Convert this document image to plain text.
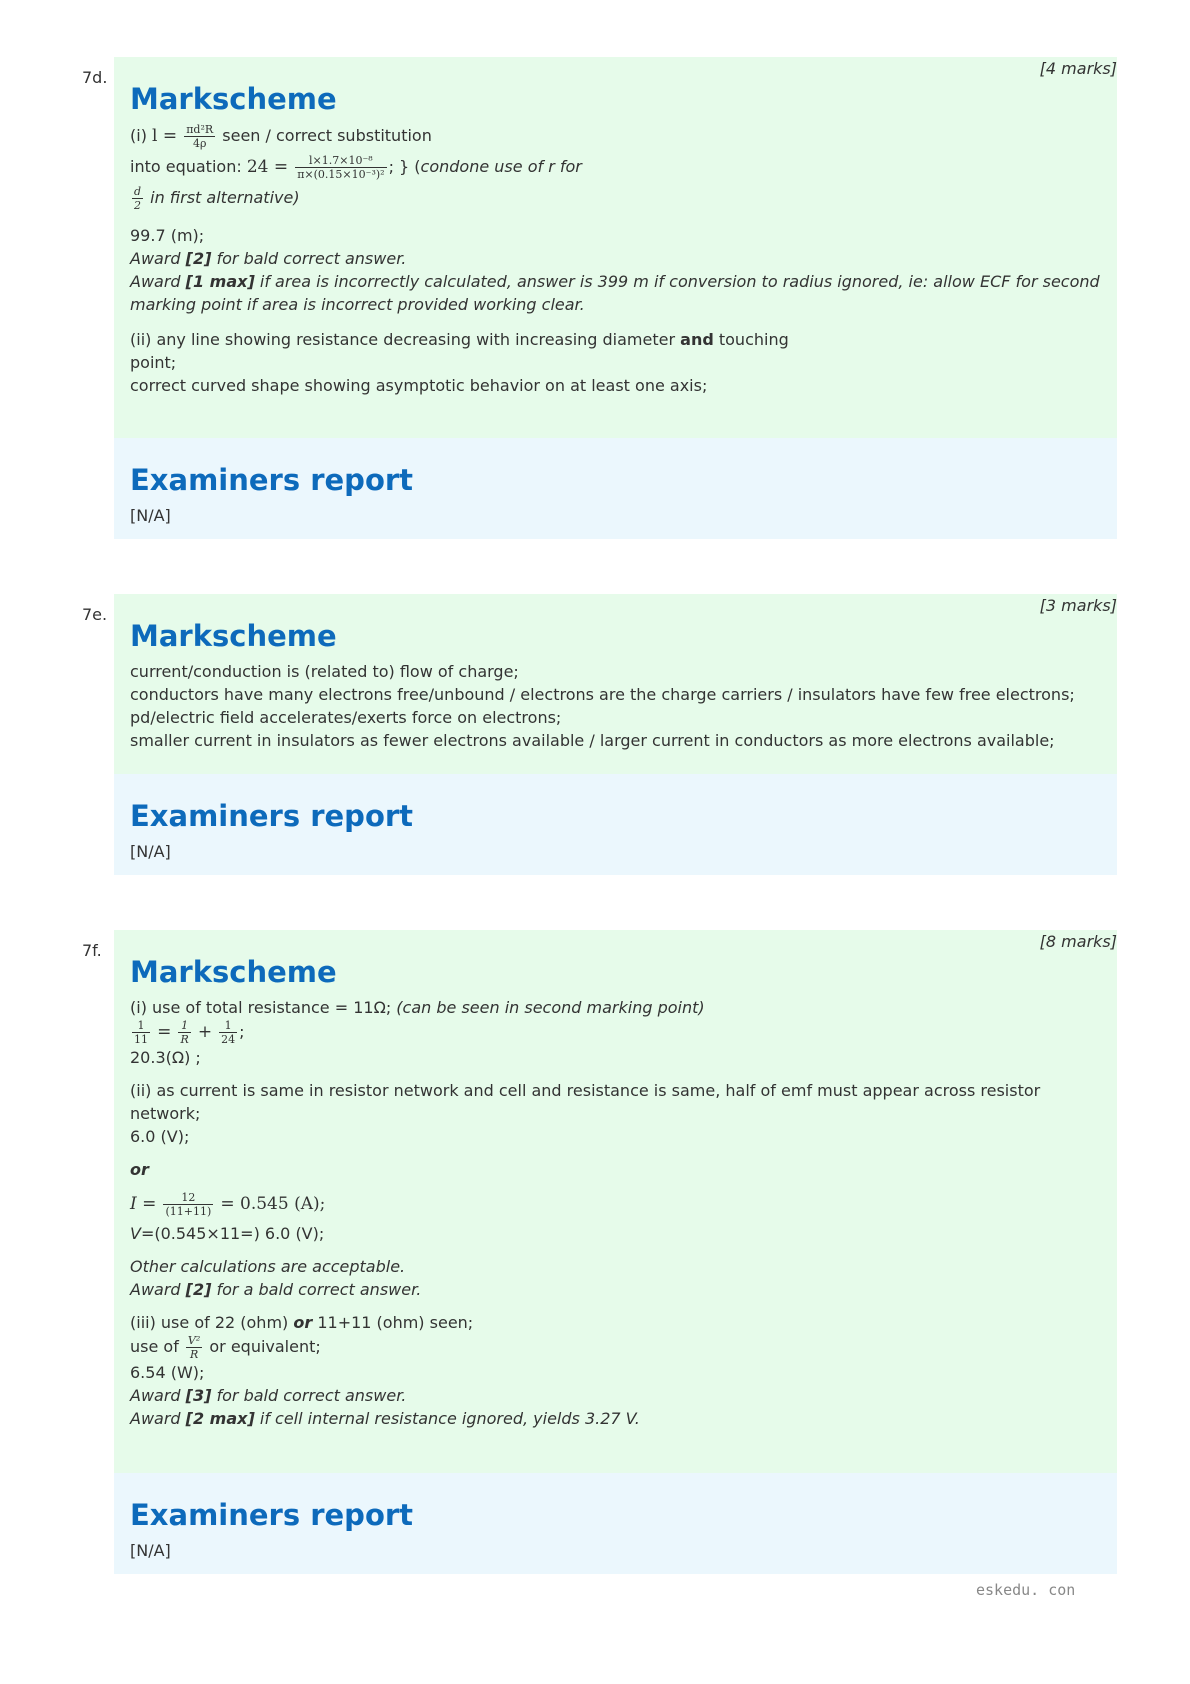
7d.	[4 marks]
Markscheme

(i) $l = \frac{\text{πd²R}}{4\rho}$ seen / correct substitution

into equation: $24 = \frac{\text{l×1.7×10⁻⁸}}{\text{π×(0.15×10⁻³)²}}$ ; } (condone use of r for

$\frac{d}{2}$ in first alternative)

99.7 (m);
Award [2] for bald correct answer.
Award [1 max] if area is incorrectly calculated, answer is 399 m if conversion to radius ignored, ie: allow ECF for second marking point if area is incorrect provided working clear.

(ii) any line showing resistance decreasing with increasing diameter and touching
point;
correct curved shape showing asymptotic behavior on at least one axis;

Examiners report
[N/A]
7e.	[3 marks]
Markscheme

current/conduction is (related to) flow of charge;
conductors have many electrons free/unbound / electrons are the charge carriers / insulators have few free electrons;
pd/electric field accelerates/exerts force on electrons;
smaller current in insulators as fewer electrons available / larger current in conductors as more electrons available;

Examiners report
[N/A]
7f.	[8 marks]
Markscheme

(i) use of total resistance = 11Ω; (can be seen in second marking point)
$\frac{1}{11} = \frac{1}{R} + \frac{1}{24}$ ;
20.3(Ω) ;

(ii) as current is same in resistor network and cell and resistance is same, half of emf must appear across resistor network;
6.0 (V);

or

$I = \frac{12}{(11+11)} = 0.545$ (A);

V=(0.545×11=) 6.0 (V);

Other calculations are acceptable.
Award [2] for a bald correct answer.

(iii) use of 22 (ohm) or 11+11 (ohm) seen;
use of $\frac{\text{V²}}{R}$ or equivalent;
6.54 (W);
Award [3] for bald correct answer.
Award [2 max] if cell internal resistance ignored, yields 3.27 V.

Examiners report
[N/A]
eskedu. con
